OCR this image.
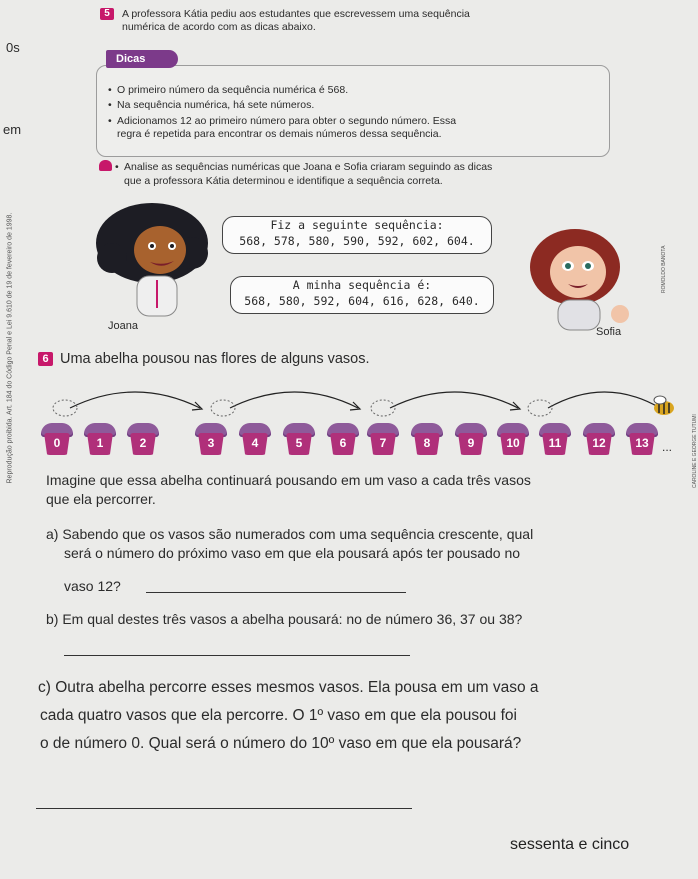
0s
em
Reprodução proibida. Art. 184 do Código Penal e Lei 9.610 de 19 de fevereiro de 1998.
5	A professora Kátia pediu aos estudantes que escrevessem uma sequência
numérica de acordo com as dicas abaixo.
Dicas
• O primeiro número da sequência numérica é 568.
• Na sequência numérica, há sete números.
• Adicionamos 12 ao primeiro número para obter o segundo número. Essa
regra é repetida para encontrar os demais números dessa sequência.
• Analise as sequências numéricas que Joana e Sofia criaram seguindo as dicas
que a professora Kátia determinou e identifique a sequência correta.
Joana
Fiz a seguinte sequência:
568, 578, 580, 590, 592, 602, 604.
Sofia
A minha sequência é:
568, 580, 592, 604, 616, 628, 640.
ROMOLDO BANOTA
6 Uma abelha pousou nas flores de alguns vasos.
0	1	2	3	4	5	6	7	8	9	10	11	12	13	...	CAROLINE E GEORGE TUTUMI
Imagine que essa abelha continuará pousando em um vaso a cada três vasos
que ela percorrer.
a) Sabendo que os vasos são numerados com uma sequência crescente, qual
será o número do próximo vaso em que ela pousará após ter pousado no
vaso 12?
b) Em qual destes três vasos a abelha pousará: no de número 36, 37 ou 38?
c) Outra abelha percorre esses mesmos vasos. Ela pousa em um vaso a
cada quatro vasos que ela percorre. O 1º vaso em que ela pousou foi
o de número 0. Qual será o número do 10º vaso em que ela pousará?
sessenta e cinco
